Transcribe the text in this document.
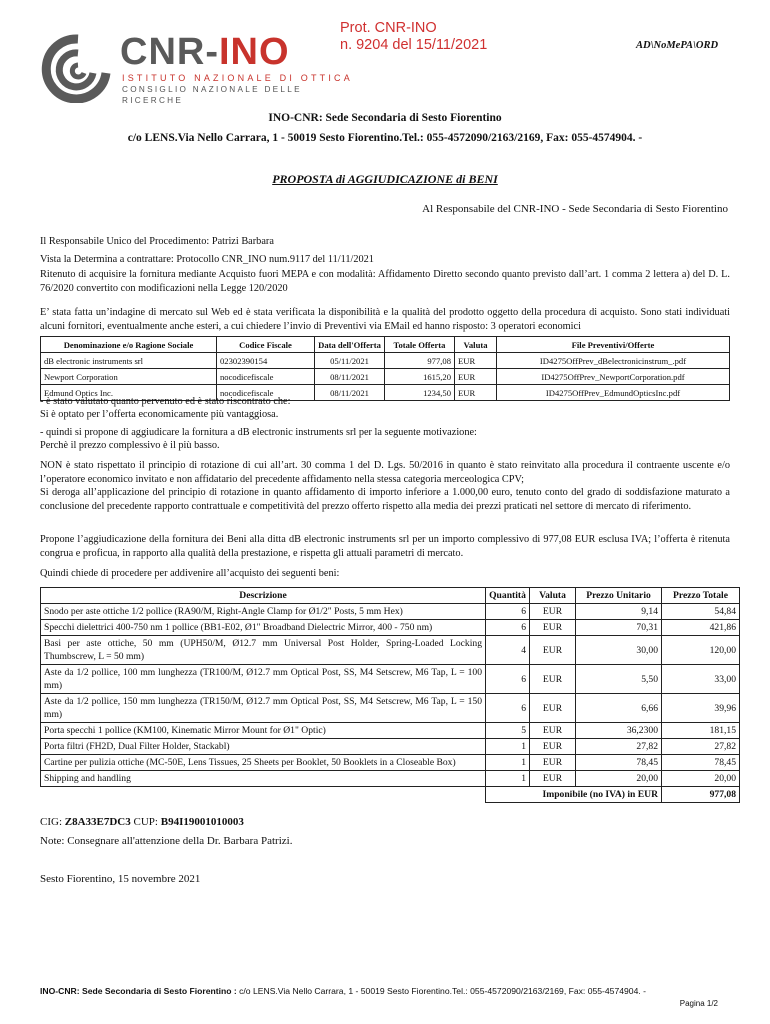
Prot. CNR-INO
n. 9204 del 15/11/2021	AD\NoMePA\ORD
CNR-INO
ISTITUTO NAZIONALE DI OTTICA
CONSIGLIO NAZIONALE DELLE RICERCHE
INO-CNR: Sede Secondaria di Sesto Fiorentino
c/o LENS.Via Nello Carrara, 1 - 50019 Sesto Fiorentino.Tel.: 055-4572090/2163/2169, Fax: 055-4574904. -
PROPOSTA di AGGIUDICAZIONE di BENI
Al Responsabile del CNR-INO - Sede Secondaria di Sesto Fiorentino
Il Responsabile Unico del Procedimento: Patrizi Barbara
Vista la Determina a contrattare: Protocollo CNR_INO num.9117 del 11/11/2021
Ritenuto di acquisire la fornitura mediante Acquisto fuori MEPA e con modalità: Affidamento Diretto secondo quanto previsto dall’art. 1 comma 2 lettera a) del D. L. 76/2020 convertito con modificazioni nella Legge 120/2020
E’ stata fatta un’indagine di mercato sul Web ed è stata verificata la disponibilità e la qualità del prodotto oggetto della procedura di acquisto. Sono stati individuati alcuni fornitori, eventualmente anche esteri, a cui chiedere l’invio di Preventivi via EMail ed hanno risposto: 3 operatori economici
Denominazione e/o Ragione Sociale	Codice Fiscale	Data dell'Offerta	Totale Offerta	Valuta	File Preventivi/Offerte
dB electronic instruments srl	02302390154	05/11/2021	977,08	EUR	ID4275OffPrev_dBelectronicinstrum_.pdf
Newport Corporation	nocodicefiscale	08/11/2021	1615,20	EUR	ID4275OffPrev_NewportCorporation.pdf
Edmund Optics Inc.	nocodicefiscale	08/11/2021	1234,50	EUR	ID4275OffPrev_EdmundOpticsInc.pdf
- è stato valutato quanto pervenuto ed è stato riscontrato che:
Si è optato per l’offerta economicamente più vantaggiosa.
- quindi si propone di aggiudicare la fornitura a dB electronic instruments srl per la seguente motivazione:
Perchè il prezzo complessivo è il più basso.
NON è stato rispettato il principio di rotazione di cui all’art. 30 comma 1 del D. Lgs. 50/2016 in quanto è stato reinvitato alla procedura il contraente uscente e/o l’operatore economico invitato e non affidatario del precedente affidamento nella stessa categoria merceologica CPV;
Si deroga all’applicazione del principio di rotazione in quanto affidamento di importo inferiore a 1.000,00 euro, tenuto conto del grado di soddisfazione maturato a conclusione del precedente rapporto contrattuale e competitività del prezzo offerto rispetto alla media dei prezzi praticati nel settore di mercato di riferimento.
Propone l’aggiudicazione della fornitura dei Beni alla ditta dB electronic instruments srl per un importo complessivo di 977,08 EUR esclusa IVA; l’offerta è ritenuta congrua e proficua, in rapporto alla qualità della prestazione, e rispetta gli attuali parametri di mercato.
Quindi chiede di procedere per addivenire all’acquisto dei seguenti beni:
Descrizione	Quantità	Valuta	Prezzo Unitario	Prezzo Totale
Snodo per aste ottiche 1/2 pollice (RA90/M, Right-Angle Clamp for Ø1/2" Posts, 5 mm Hex)	6	EUR	9,14	54,84
Specchi dielettrici 400-750 nm 1 pollice (BB1-E02, Ø1" Broadband Dielectric Mirror, 400 - 750 nm)	6	EUR	70,31	421,86
Basi per aste ottiche, 50 mm (UPH50/M, Ø12.7 mm Universal Post Holder, Spring-Loaded Locking Thumbscrew, L = 50 mm)	4	EUR	30,00	120,00
Aste da 1/2 pollice, 100 mm lunghezza (TR100/M, Ø12.7 mm Optical Post, SS, M4 Setscrew, M6 Tap, L = 100 mm)	6	EUR	5,50	33,00
Aste da 1/2 pollice, 150 mm lunghezza (TR150/M, Ø12.7 mm Optical Post, SS, M4 Setscrew, M6 Tap, L = 150 mm)	6	EUR	6,66	39,96
Porta specchi 1 pollice (KM100, Kinematic Mirror Mount for Ø1" Optic)	5	EUR	36,2300	181,15
Porta filtri (FH2D, Dual Filter Holder, Stackabl)	1	EUR	27,82	27,82
Cartine per pulizia ottiche (MC-50E, Lens Tissues, 25 Sheets per Booklet, 50 Booklets in a Closeable Box)	1	EUR	78,45	78,45
Shipping and handling	1	EUR	20,00	20,00
	Imponibile (no IVA) in EUR			977,08
CIG: Z8A33E7DC3 CUP: B94I19001010003
Note: Consegnare all'attenzione della Dr. Barbara Patrizi.
Sesto Fiorentino, 15 novembre 2021
INO-CNR: Sede Secondaria di Sesto Fiorentino : c/o LENS.Via Nello Carrara, 1 - 50019 Sesto Fiorentino.Tel.: 055-4572090/2163/2169, Fax: 055-4574904. -
Pagina 1/2
